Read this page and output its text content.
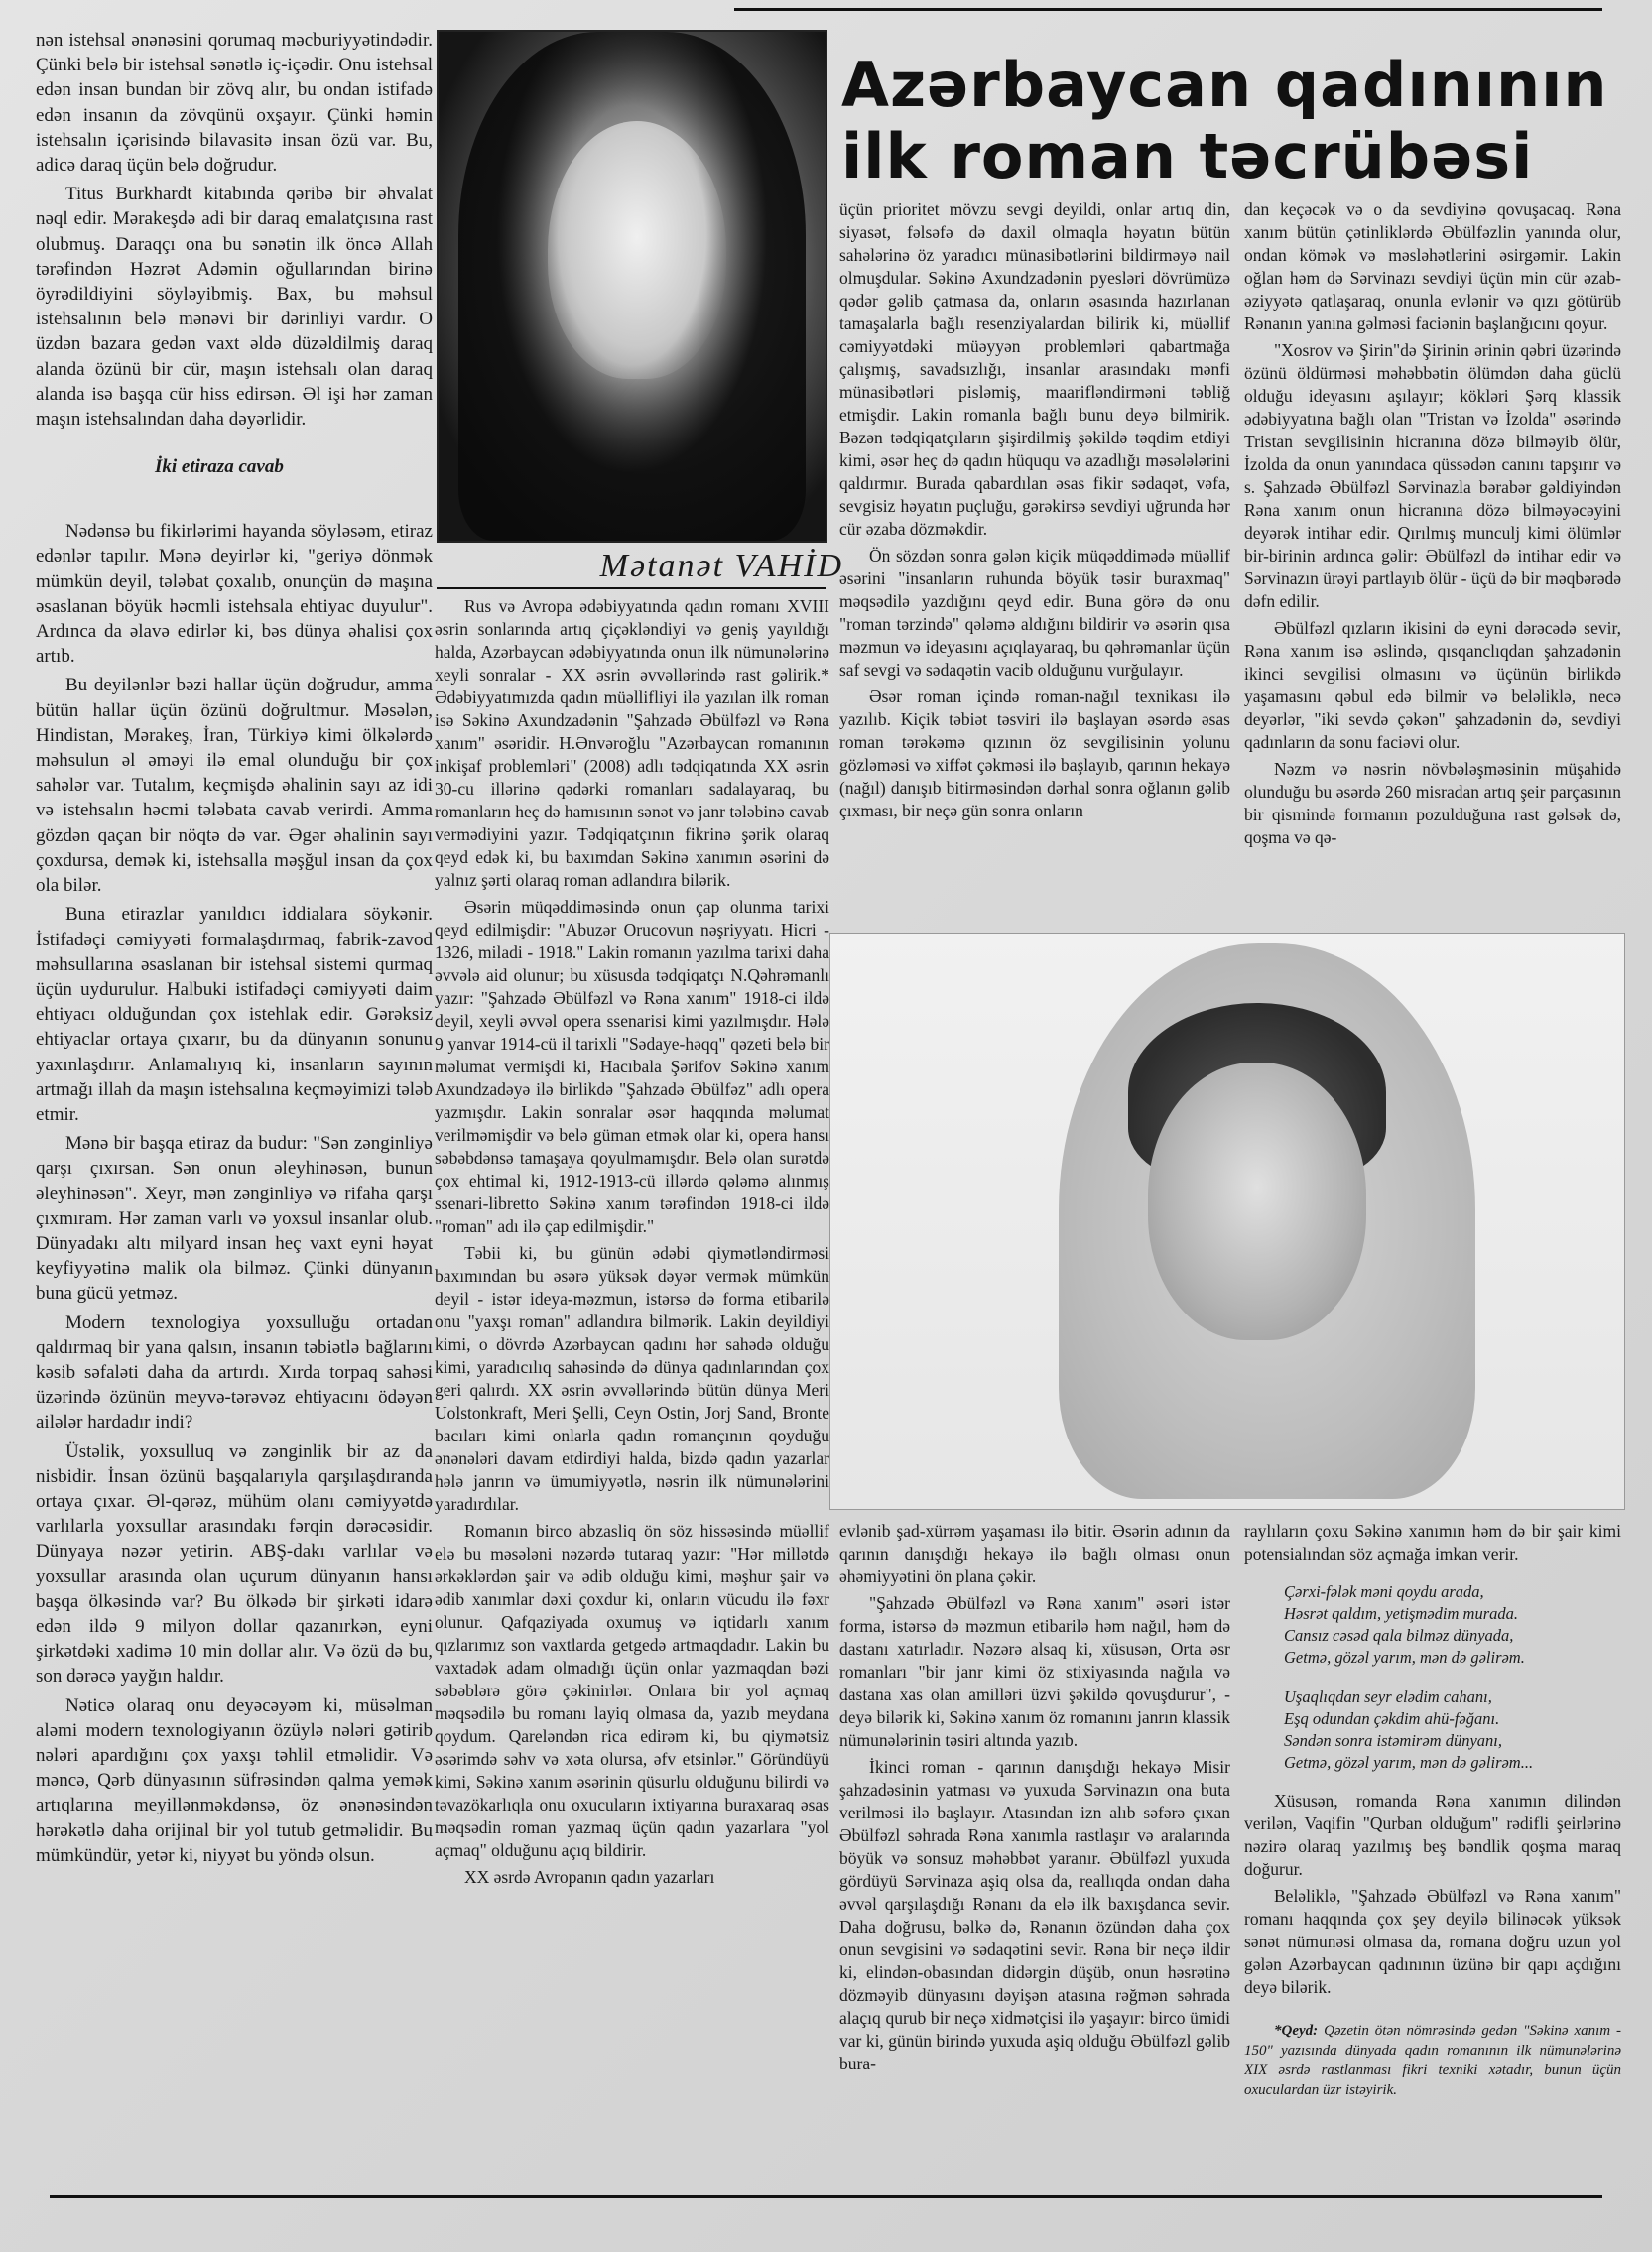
nən istehsal ənənəsini qorumaq məcburiyyətindədir. Çünki belə bir istehsal sənətlə iç-içədir. Onu istehsal edən insan bundan bir zövq alır, bu ondan istifadə edən insanın da zövqünü oxşayır. Çünki həmin istehsalın içərisində bilavasitə insan özü var. Bu, adicə daraq üçün belə doğrudur.

Titus Burkhardt kitabında qəribə bir əhvalat nəql edir. Mərakeşdə adi bir daraq emalatçısına rast olubmuş. Daraqçı ona bu sənətin ilk öncə Allah tərəfindən Həzrət Adəmin oğullarından birinə öyrədildiyini söyləyibmiş. Bax, bu məhsul istehsalının belə mənəvi bir dərinliyi vardır. O üzdən bazara gedən vaxt əldə düzəldilmiş daraq alanda özünü bir cür, maşın istehsalı olan daraq alanda isə başqa cür hiss edirsən. Əl işi hər zaman maşın istehsalından daha dəyərlidir.

İki etiraza cavab

Nədənsə bu fikirlərimi hayanda söyləsəm, etiraz edənlər tapılır. Mənə deyirlər ki, "geriyə dönmək mümkün deyil, tələbat çoxalıb, onunçün də maşına əsaslanan böyük həcmli istehsala ehtiyac duyulur". Ardınca da əlavə edirlər ki, bəs dünya əhalisi çox artıb.

Bu deyilənlər bəzi hallar üçün doğrudur, amma bütün hallar üçün özünü doğrultmur. Məsələn, Hindistan, Mərakeş, İran, Türkiyə kimi ölkələrdə məhsulun əl əməyi ilə emal olunduğu bir çox sahələr var. Tutalım, keçmişdə əhalinin sayı az idi və istehsalın həcmi tələbata cavab verirdi. Amma gözdən qaçan bir nöqtə də var. Əgər əhalinin sayı çoxdursa, demək ki, istehsalla məşğul insan da çox ola bilər.

Buna etirazlar yanıldıcı iddialara söykənir. İstifadəçi cəmiyyəti formalaşdırmaq, fabrik-zavod məhsullarına əsaslanan bir istehsal sistemi qurmaq üçün uydurulur. Halbuki istifadəçi cəmiyyəti daim ehtiyacı olduğundan çox istehlak edir. Gərəksiz ehtiyaclar ortaya çıxarır, bu da dünyanın sonunu yaxınlaşdırır. Anlamalıyıq ki, insanların sayının artmağı illah da maşın istehsalına keçməyimizi tələb etmir.

Mənə bir başqa etiraz da budur: "Sən zənginliyə qarşı çıxırsan. Sən onun əleyhinəsən, bunun əleyhinəsən". Xeyr, mən zənginliyə və rifaha qarşı çıxmıram. Hər zaman varlı və yoxsul insanlar olub. Dünyadakı altı milyard insan heç vaxt eyni həyat keyfiyyətinə malik ola bilməz. Çünki dünyanın buna gücü yetməz.

Modern texnologiya yoxsulluğu ortadan qaldırmaq bir yana qalsın, insanın təbiətlə bağlarını kəsib səfaləti daha da artırdı. Xırda torpaq sahəsi üzərində özünün meyvə-tərəvəz ehtiyacını ödəyən ailələr hardadır indi?

Üstəlik, yoxsulluq və zənginlik bir az da nisbidir. İnsan özünü başqalarıyla qarşılaşdıranda ortaya çıxar. Əl-qərəz, mühüm olanı cəmiyyətdə varlılarla yoxsullar arasındakı fərqin dərəcəsidir. Dünyaya nəzər yetirin. ABŞ-dakı varlılar və yoxsullar arasında olan uçurum dünyanın hansı başqa ölkəsində var? Bu ölkədə bir şirkəti idarə edən ildə 9 milyon dollar qazanırkən, eyni şirkətdəki xadimə 10 min dollar alır. Və özü də bu, son dərəcə yayğın haldır.

Nəticə olaraq onu deyəcəyəm ki, müsəlman aləmi modern texnologiyanın özüylə nələri gətirib nələri apardığını çox yaxşı təhlil etməlidir. Və məncə, Qərb dünyasının süfrəsindən qalma yemək artıqlarına meyillənməkdənsə, öz ənənəsindən hərəkətlə daha orijinal bir yol tutub getməlidir. Bu mümkündür, yetər ki, niyyət bu yöndə olsun.

Mətanət VAHİD

Rus və Avropa ədəbiyyatında qadın romanı XVIII əsrin sonlarında artıq çiçəkləndiyi və geniş yayıldığı halda, Azərbaycan ədəbiyyatında onun ilk nümunələrinə xeyli sonralar - XX əsrin əvvəllərində rast gəlirik.* Ədəbiyyatımızda qadın müəllifliyi ilə yazılan ilk roman isə Səkinə Axundzadənin "Şahzadə Əbülfəzl və Rəna xanım" əsəridir. H.Ənvəroğlu "Azərbaycan romanının inkişaf problemləri" (2008) adlı tədqiqatında XX əsrin 30-cu illərinə qədərki romanları sadalayaraq, bu romanların heç də hamısının sənət və janr tələbinə cavab vermədiyini yazır. Tədqiqatçının fikrinə şərik olaraq qeyd edək ki, bu baxımdan Səkinə xanımın əsərini də yalnız şərti olaraq roman adlandıra bilərik.

Əsərin müqəddiməsində onun çap olunma tarixi qeyd edilmişdir: "Abuzər Orucovun nəşriyyatı. Hicri - 1326, miladi - 1918." Lakin romanın yazılma tarixi daha əvvələ aid olunur; bu xüsusda tədqiqatçı N.Qəhrəmanlı yazır: "Şahzadə Əbülfəzl və Rəna xanım" 1918-ci ildə deyil, xeyli əvvəl opera ssenarisi kimi yazılmışdır. Hələ 9 yanvar 1914-cü il tarixli "Sədaye-həqq" qəzeti belə bir məlumat vermişdi ki, Hacıbala Şərifov Səkinə xanım Axundzadəyə ilə birlikdə "Şahzadə Əbülfəz" adlı opera yazmışdır. Lakin sonralar əsər haqqında məlumat verilməmişdir və belə güman etmək olar ki, opera hansı səbəbdənsə tamaşaya qoyulmamışdır. Belə olan surətdə çox ehtimal ki, 1912-1913-cü illərdə qələmə alınmış ssenari-libretto Səkinə xanım tərəfindən 1918-ci ildə "roman" adı ilə çap edilmişdir."

Təbii ki, bu günün ədəbi qiymətləndirməsi baxımından bu əsərə yüksək dəyər vermək mümkün deyil - istər ideya-məzmun, istərsə də forma etibarilə onu "yaxşı roman" adlandıra bilmərik. Lakin deyildiyi kimi, o dövrdə Azərbaycan qadını hər sahədə olduğu kimi, yaradıcılıq sahəsində də dünya qadınlarından çox geri qalırdı. XX əsrin əvvəllərində bütün dünya Meri Uolstonkraft, Meri Şelli, Ceyn Ostin, Jorj Sand, Bronte bacıları kimi onlarla qadın romançının qoyduğu ənənələri davam etdirdiyi halda, bizdə qadın yazarlar hələ janrın və ümumiyyətlə, nəsrin ilk nümunələrini yaradırdılar.

Romanın birco abzasliq ön söz hissəsində müəllif elə bu məsələni nəzərdə tutaraq yazır: "Hər millətdə ərkəklərdən şair və ədib olduğu kimi, məşhur şair və ədib xanımlar dəxi çoxdur ki, onların vücudu ilə fəxr olunur. Qafqaziyada oxumuş və iqtidarlı xanım qızlarımız son vaxtlarda getgedə artmaqdadır. Lakin bu vaxtadək adam olmadığı üçün onlar yazmaqdan bəzi səbəblərə görə çəkinirlər. Onlara bir yol açmaq məqsədilə bu romanı layiq olmasa da, yazıb meydana qoydum. Qareləndən rica edirəm ki, bu qiymətsiz əsərimdə səhv və xəta olursa, əfv etsinlər." Göründüyü kimi, Səkinə xanım əsərinin qüsurlu olduğunu bilirdi və təvazökarlıqla onu oxucuların ixtiyarına buraxaraq əsas məqsədin roman yazmaq üçün qadın yazarlara "yol açmaq" olduğunu açıq bildirir.

XX əsrdə Avropanın qadın yazarları

Azərbaycan qadınının
ilk roman təcrübəsi

üçün prioritet mövzu sevgi deyildi, onlar artıq din, siyasət, fəlsəfə də daxil olmaqla həyatın bütün sahələrinə öz yaradıcı münasibətlərini bildirməyə nail olmuşdular. Səkinə Axundzadənin pyesləri dövrümüzə qədər gəlib çatmasa da, onların əsasında hazırlanan tamaşalarla bağlı resenziyalardan bilirik ki, müəllif cəmiyyətdəki müəyyən problemləri qabartmağa çalışmış, savadsızlığı, insanlar arasındakı mənfi münasibətləri pisləmiş, maarifləndirməni təbliğ etmişdir. Lakin romanla bağlı bunu deyə bilmirik. Bəzən tədqiqatçıların şişirdilmiş şəkildə təqdim etdiyi kimi, əsər heç də qadın hüququ və azadlığı məsələlərini qaldırmır. Burada qabardılan əsas fikir sədaqət, vəfa, sevgisiz həyatın puçluğu, gərəkirsə sevdiyi uğrunda hər cür əzaba dözməkdir.

Ön sözdən sonra gələn kiçik müqəddimədə müəllif əsərini "insanların ruhunda böyük təsir buraxmaq" məqsədilə yazdığını qeyd edir. Buna görə də onu "roman tərzində" qələmə aldığını bildirir və əsərin qısa məzmun və ideyasını açıqlayaraq, bu qəhrəmanlar üçün saf sevgi və sədaqətin vacib olduğunu vurğulayır.

Əsər roman içində roman-nağıl texnikası ilə yazılıb. Kiçik təbiət təsviri ilə başlayan əsərdə əsas roman tərəkəmə qızının öz sevgilisinin yolunu gözləməsi və xiffət çəkməsi ilə başlayıb, qarının hekayə (nağıl) danışıb bitirməsindən dərhal sonra oğlanın gəlib çıxması, bir neçə gün sonra onların

dan keçəcək və o da sevdiyinə qovuşacaq. Rəna xanım bütün çətinliklərdə Əbülfəzlin yanında olur, ondan kömək və məsləhətlərini əsirgəmir. Lakin oğlan həm də Sərvinazı sevdiyi üçün min cür əzab-əziyyətə qatlaşaraq, onunla evlənir və qızı götürüb Rənanın yanına gəlməsi faciənin başlanğıcını qoyur.

"Xosrov və Şirin"də Şirinin ərinin qəbri üzərində özünü öldürməsi məhəbbətin ölümdən daha güclü olduğu ideyasını aşılayır; kökləri Şərq klassik ədəbiyyatına bağlı olan "Tristan və İzolda" əsərində Tristan sevgilisinin hicranına dözə bilməyib ölür, İzolda da onun yanındaca qüssədən canını tapşırır və s. Şahzadə Əbülfəzl Sərvinazla bərabər gəldiyindən Rəna xanım onun hicranına dözə bilməyəcəyini deyərək intihar edir. Qırılmış munculj kimi ölümlər bir-birinin ardınca gəlir: Əbülfəzl də intihar edir və Sərvinazın ürəyi partlayıb ölür - üçü də bir məqbərədə dəfn edilir.

Əbülfəzl qızların ikisini də eyni dərəcədə sevir, Rəna xanım isə əslində, qısqanclıqdan şahzadənin ikinci sevgilisi olmasını və üçünün birlikdə yaşamasını qəbul edə bilmir və beləliklə, necə deyərlər, "iki sevdə çəkən" şahzadənin də, sevdiyi qadınların da sonu faciəvi olur.

Nəzm və nəsrin növbələşməsinin müşahidə olunduğu bu əsərdə 260 misradan artıq şeir parçasının bir qismində formanın pozulduğuna rast gəlsək də, qoşma və qə-

evlənib şad-xürrəm yaşaması ilə bitir. Əsərin adının da qarının danışdığı hekayə ilə bağlı olması onun əhəmiyyətini ön plana çəkir.

"Şahzadə Əbülfəzl və Rəna xanım" əsəri istər forma, istərsə də məzmun etibarilə həm nağıl, həm də dastanı xatırladır. Nəzərə alsaq ki, xüsusən, Orta əsr romanları "bir janr kimi öz stixiyasında nağıla və dastana xas olan amilləri üzvi şəkildə qovuşdurur", - deyə bilərik ki, Səkinə xanım öz romanını janrın klassik nümunələrinin təsiri altında yazıb.

İkinci roman - qarının danışdığı hekayə Misir şahzadəsinin yatması və yuxuda Sərvinazın ona buta verilməsi ilə başlayır. Atasından izn alıb səfərə çıxan Əbülfəzl səhrada Rəna xanımla rastlaşır və aralarında böyük və sonsuz məhəbbət yaranır. Əbülfəzl yuxuda gördüyü Sərvinaza aşiq olsa da, reallıqda ondan daha əvvəl qarşılaşdığı Rənanı da elə ilk baxışdanca sevir. Daha doğrusu, bəlkə də, Rənanın özündən daha çox onun sevgisini və sədaqətini sevir. Rəna bir neçə ildir ki, elindən-obasından didərgin düşüb, onun həsrətinə dözməyib dünyasını dəyişən atasına rəğmən səhrada alaçıq qurub bir neçə xidmətçisi ilə yaşayır: birco ümidi var ki, günün birində yuxuda aşiq olduğu Əbülfəzl gəlib bura-

raylıların çoxu Səkinə xanımın həm də bir şair kimi potensialından söz açmağa imkan verir.

Çərxi-fələk məni qoydu arada,
Həsrət qaldım, yetişmədim murada.
Cansız cəsəd qala bilməz dünyada,
Getmə, gözəl yarım, mən də gəlirəm.
Uşaqlıqdan seyr elədim cahanı,
Eşq odundan çəkdim ahü-fəğanı.
Səndən sonra istəmirəm dünyanı,
Getmə, gözəl yarım, mən də gəlirəm...

Xüsusən, romanda Rəna xanımın dilindən verilən, Vaqifin "Qurban olduğum" rədifli şeirlərinə nəzirə olaraq yazılmış beş bəndlik qoşma maraq doğurur.

Beləliklə, "Şahzadə Əbülfəzl və Rəna xanım" romanı haqqında çox şey deyilə bilinəcək yüksək sənət nümunəsi olmasa da, romana doğru uzun yol gələn Azərbaycan qadınının üzünə bir qapı açdığını deyə bilərik.

*Qeyd: Qəzetin ötən nömrəsində gedən "Səkinə xanım - 150" yazısında dünyada qadın romanının ilk nümunələrinə XIX əsrdə rastlanması fikri texniki xətadır, bunun üçün oxuculardan üzr istəyirik.
